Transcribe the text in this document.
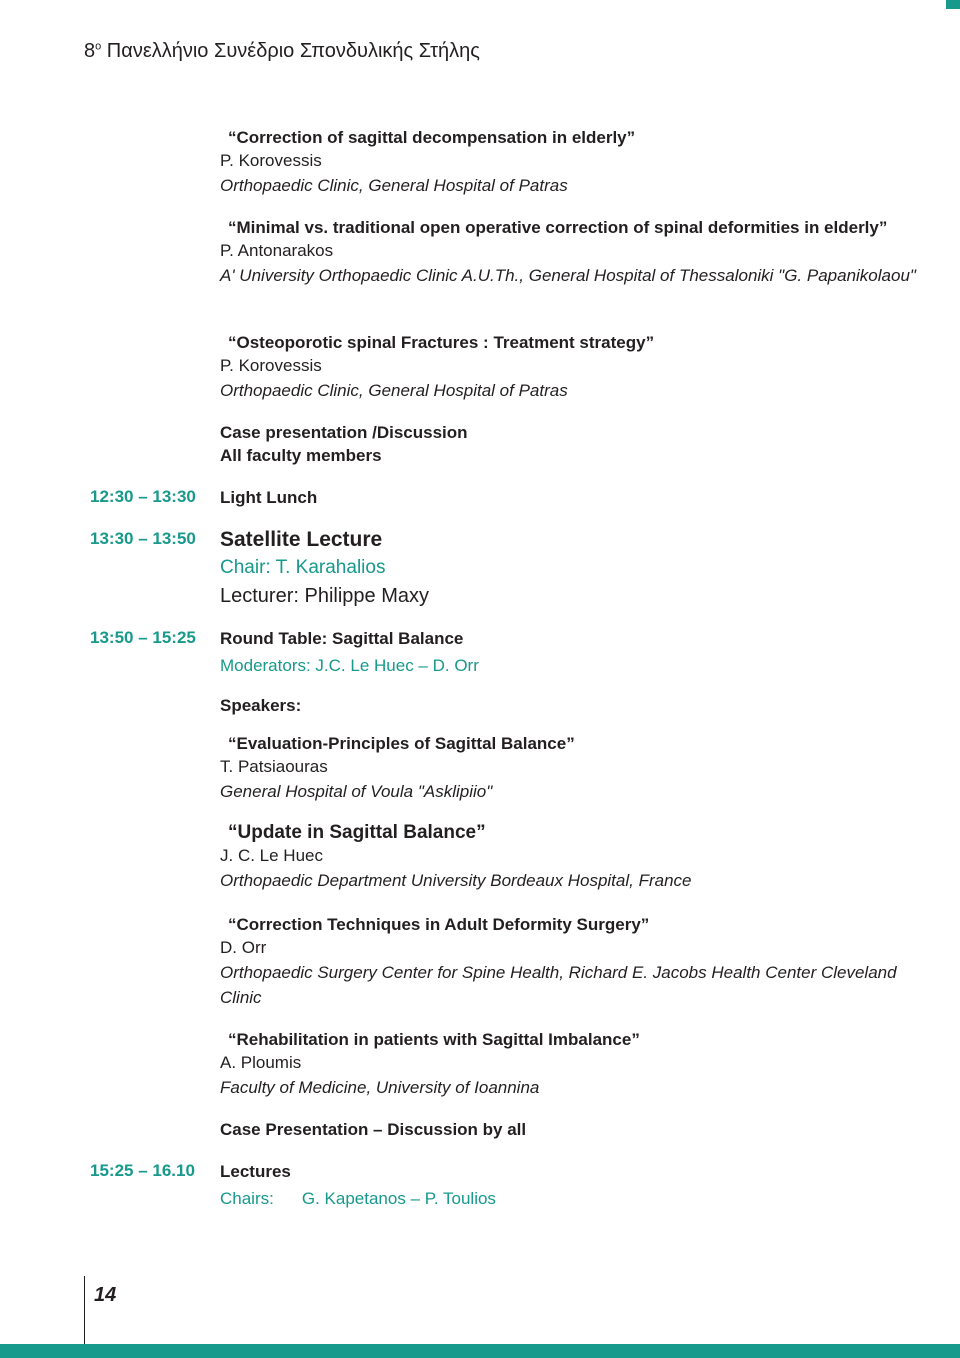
$8^o$ Πανελλήνιο Συνέδριο Σπονδυλικής Στήλης
“Correction of sagittal decompensation in elderly”
P. Korovessis
Orthopaedic Clinic, General Hospital of Patras
“Minimal vs. traditional open operative correction of spinal deformities in elderly”
P. Antonarakos
A' University Orthopaedic Clinic A.U.Th., General Hospital of Thessaloniki "G. Papanikolaou"
“Osteoporotic spinal Fractures : Treatment strategy”
P. Korovessis
Orthopaedic Clinic, General Hospital of Patras
Case presentation /Discussion
All faculty members
12:30 – 13:30	Light Lunch
13:30 – 13:50	Satellite Lecture
Chair: T. Karahalios
Lecturer: Philippe Maxy
13:50 – 15:25	Round Table: Sagittal Balance
Moderators: J.C. Le Huec – D. Orr
Speakers:
“Evaluation-Principles of Sagittal Balance”
T. Patsiaouras
General Hospital of Voula "Asklipiio"
“Update in Sagittal Balance”
J. C. Le Huec
Orthopaedic Department University Bordeaux Hospital, France
“Correction Techniques in Adult Deformity Surgery”
D. Orr
Orthopaedic Surgery Center for Spine Health, Richard E. Jacobs Health Center Cleveland Clinic
“Rehabilitation in patients with Sagittal Imbalance”
A. Ploumis
Faculty of Medicine, University of Ioannina
Case Presentation – Discussion by all
15:25 – 16.10	Lectures
Chairs: G. Kapetanos – P. Toulios
14
